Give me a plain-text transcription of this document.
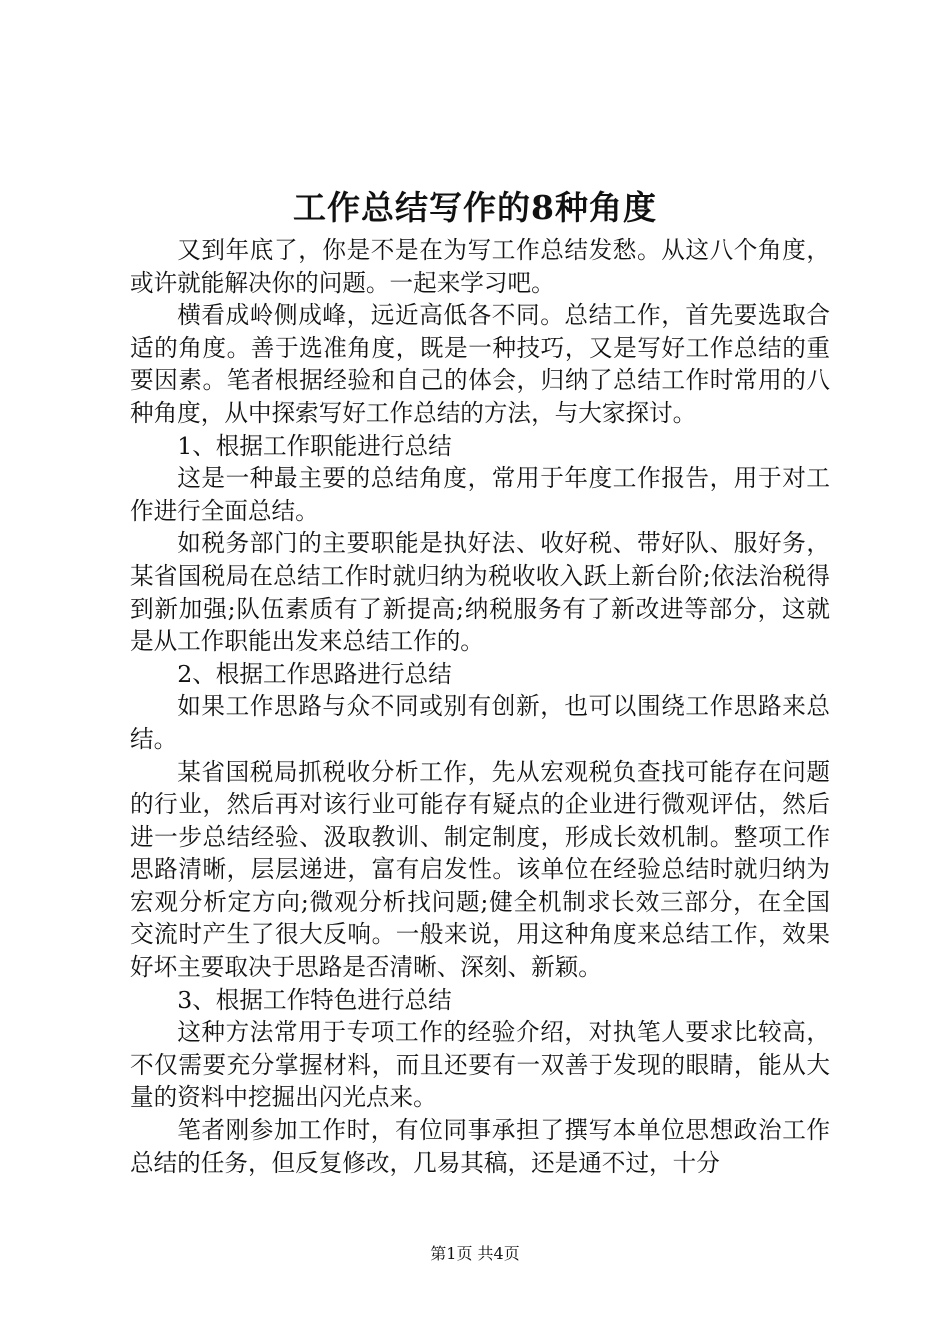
工作总结写作的8种角度

又到年底了，你是不是在为写工作总结发愁。从这八个角度，或许就能解决你的问题。一起来学习吧。

横看成岭侧成峰，远近高低各不同。总结工作，首先要选取合适的角度。善于选准角度，既是一种技巧，又是写好工作总结的重要因素。笔者根据经验和自己的体会，归纳了总结工作时常用的八种角度，从中探索写好工作总结的方法，与大家探讨。

1、根据工作职能进行总结

这是一种最主要的总结角度，常用于年度工作报告，用于对工作进行全面总结。

如税务部门的主要职能是执好法、收好税、带好队、服好务，某省国税局在总结工作时就归纳为税收收入跃上新台阶;依法治税得到新加强;队伍素质有了新提高;纳税服务有了新改进等部分，这就是从工作职能出发来总结工作的。

2、根据工作思路进行总结

如果工作思路与众不同或别有创新，也可以围绕工作思路来总结。

某省国税局抓税收分析工作，先从宏观税负查找可能存在问题的行业，然后再对该行业可能存有疑点的企业进行微观评估，然后进一步总结经验、汲取教训、制定制度，形成长效机制。整项工作思路清晰，层层递进，富有启发性。该单位在经验总结时就归纳为宏观分析定方向;微观分析找问题;健全机制求长效三部分，在全国交流时产生了很大反响。一般来说，用这种角度来总结工作，效果好坏主要取决于思路是否清晰、深刻、新颖。

3、根据工作特色进行总结

这种方法常用于专项工作的经验介绍，对执笔人要求比较高，不仅需要充分掌握材料，而且还要有一双善于发现的眼睛，能从大量的资料中挖掘出闪光点来。

笔者刚参加工作时，有位同事承担了撰写本单位思想政治工作总结的任务，但反复修改，几易其稿，还是通不过，十分

第1页 共4页
